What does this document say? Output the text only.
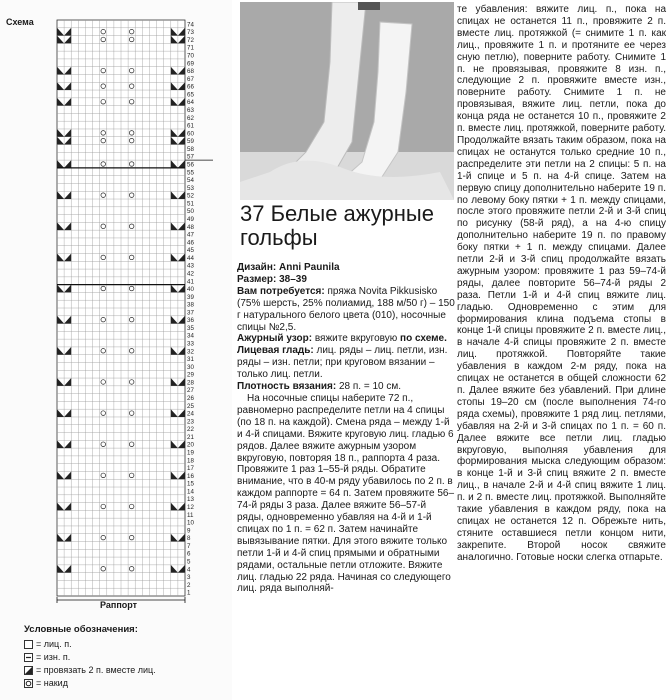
Схема
1
2
3
4
5
6
7
8
9
10
11
12
13
14
15
16
17
18
19
20
21
22
23
24
25
26
27
28
29
30
31
32
33
34
35
36
37
38
39
40
41
42
43
44
45
46
47
48
49
50
51
52
53
54
55
56
57
58
59
60
61
62
63
64
65
66
67
68
69
70
71
72
73
74
Раппорт
Условные обозначения:
= лиц. п.
= изн. п.
= провязать 2 п. вместе лиц.
= накид
37 Белые ажурные гольфы

Дизайн: Anni Paunila

Размер: 38–39

Вам потребуется: пряжа Novita Pikkusisko (75% шерсть, 25% полиамид, 188 м/50 г) – 150 г натурального белого цвета (010), носочные спицы №2,5.

Ажурный узор: вяжите вкруговую по схеме.

Лицевая гладь: лиц. ряды – лиц. петли, изн. ряды – изн. петли; при круговом вязании – только лиц. петли.

Плотность вязания: 28 п. = 10 см.

На носочные спицы наберите 72 п., равномерно распределите петли на 4 спицы (по 18 п. на каждой). Смена ряда – между 1-й и 4-й спицами. Вяжите круговую лиц. гладью 6 рядов. Далее вяжите ажурным узором вкруговую, повторяя 18 п., раппорта 4 раза. Провяжите 1 раз 1–55-й ряды. Обратите внимание, что в 40-м ряду убавилось по 2 п. в каждом раппорте = 64 п. Затем провяжите 56–74-й ряды 3 раза. Далее вяжите 56–57-й ряды, одновременно убавляя на 4-й и 1-й спицах по 1 п. = 62 п. Затем начинайте вывязывание пятки. Для этого вяжите только петли 1-й и 4-й спиц прямыми и обратными рядами, остальные петли отложите. Вяжите лиц. гладью 22 ряда. Начиная со следующего лиц. ряда выполняй-

те убавления: вяжите лиц. п., пока на спицах не останется 11 п., провяжите 2 п. вместе лиц. протяжкой (= снимите 1 п. как лиц., провяжите 1 п. и протяните ее через сную петлю), поверните работу. Снимите 1 п. не провязывая, провяжите 8 изн. п., следующие 2 п. провяжите вместе изн., поверните работу. Снимите 1 п. не провязывая, вяжите лиц. петли, пока до конца ряда не останется 10 п., провяжите 2 п. вместе лиц. протяжкой, поверните работу. Продолжайте вязать таким образом, пока на спицах не останутся только средние 10 п., распределите эти петли на 2 спицы: 5 п. на 1-й спице и 5 п. на 4-й спице. Затем на первую спицу дополнительно наберите 19 п. по левому боку пятки + 1 п. между спицами, после этого провяжите петли 2-й и 3-й спиц по рисунку (58-й ряд), а на 4-ю спицу дополнительно наберите 19 п. по правому боку пятки + 1 п. между спицами. Далее петли 2-й и 3-й спиц продолжайте вязать ажурным узором: провяжите 1 раз 59–74-й ряды, далее повторите 56–74-й ряды 2 раза. Петли 1-й и 4-й спиц вяжите лиц. гладью. Одновременно с этим для формирования клина подъема стопы в конце 1-й спицы провяжите 2 п. вместе лиц., в начале 4-й спицы провяжите 2 п. вместе лиц. протяжкой. Повторяйте такие убавления в каждом 2-м ряду, пока на спицах не останется в общей сложности 62 п. Далее вяжите без убавлений. При длине стопы 19–20 см (после выполнения 74-го ряда схемы), провяжите 1 ряд лиц. петлями, убавляя на 2-й и 3-й спицах по 1 п. = 60 п. Далее вяжите все петли лиц. гладью вкруговую, выполняя убавления для формирования мыска следующим образом: в конце 1-й и 3-й спиц вяжите 2 п. вместе лиц., в начале 2-й и 4-й спиц вяжите 1 лиц. п. и 2 п. вместе лиц. протяжкой. Выполняйте такие убавления в каждом ряду, пока на спицах не останется 12 п. Обрежьте нить, стяните оставшиеся петли концом нити, закрепите. Второй носок свяжите аналогично. Готовые носки слегка отпарьте.
